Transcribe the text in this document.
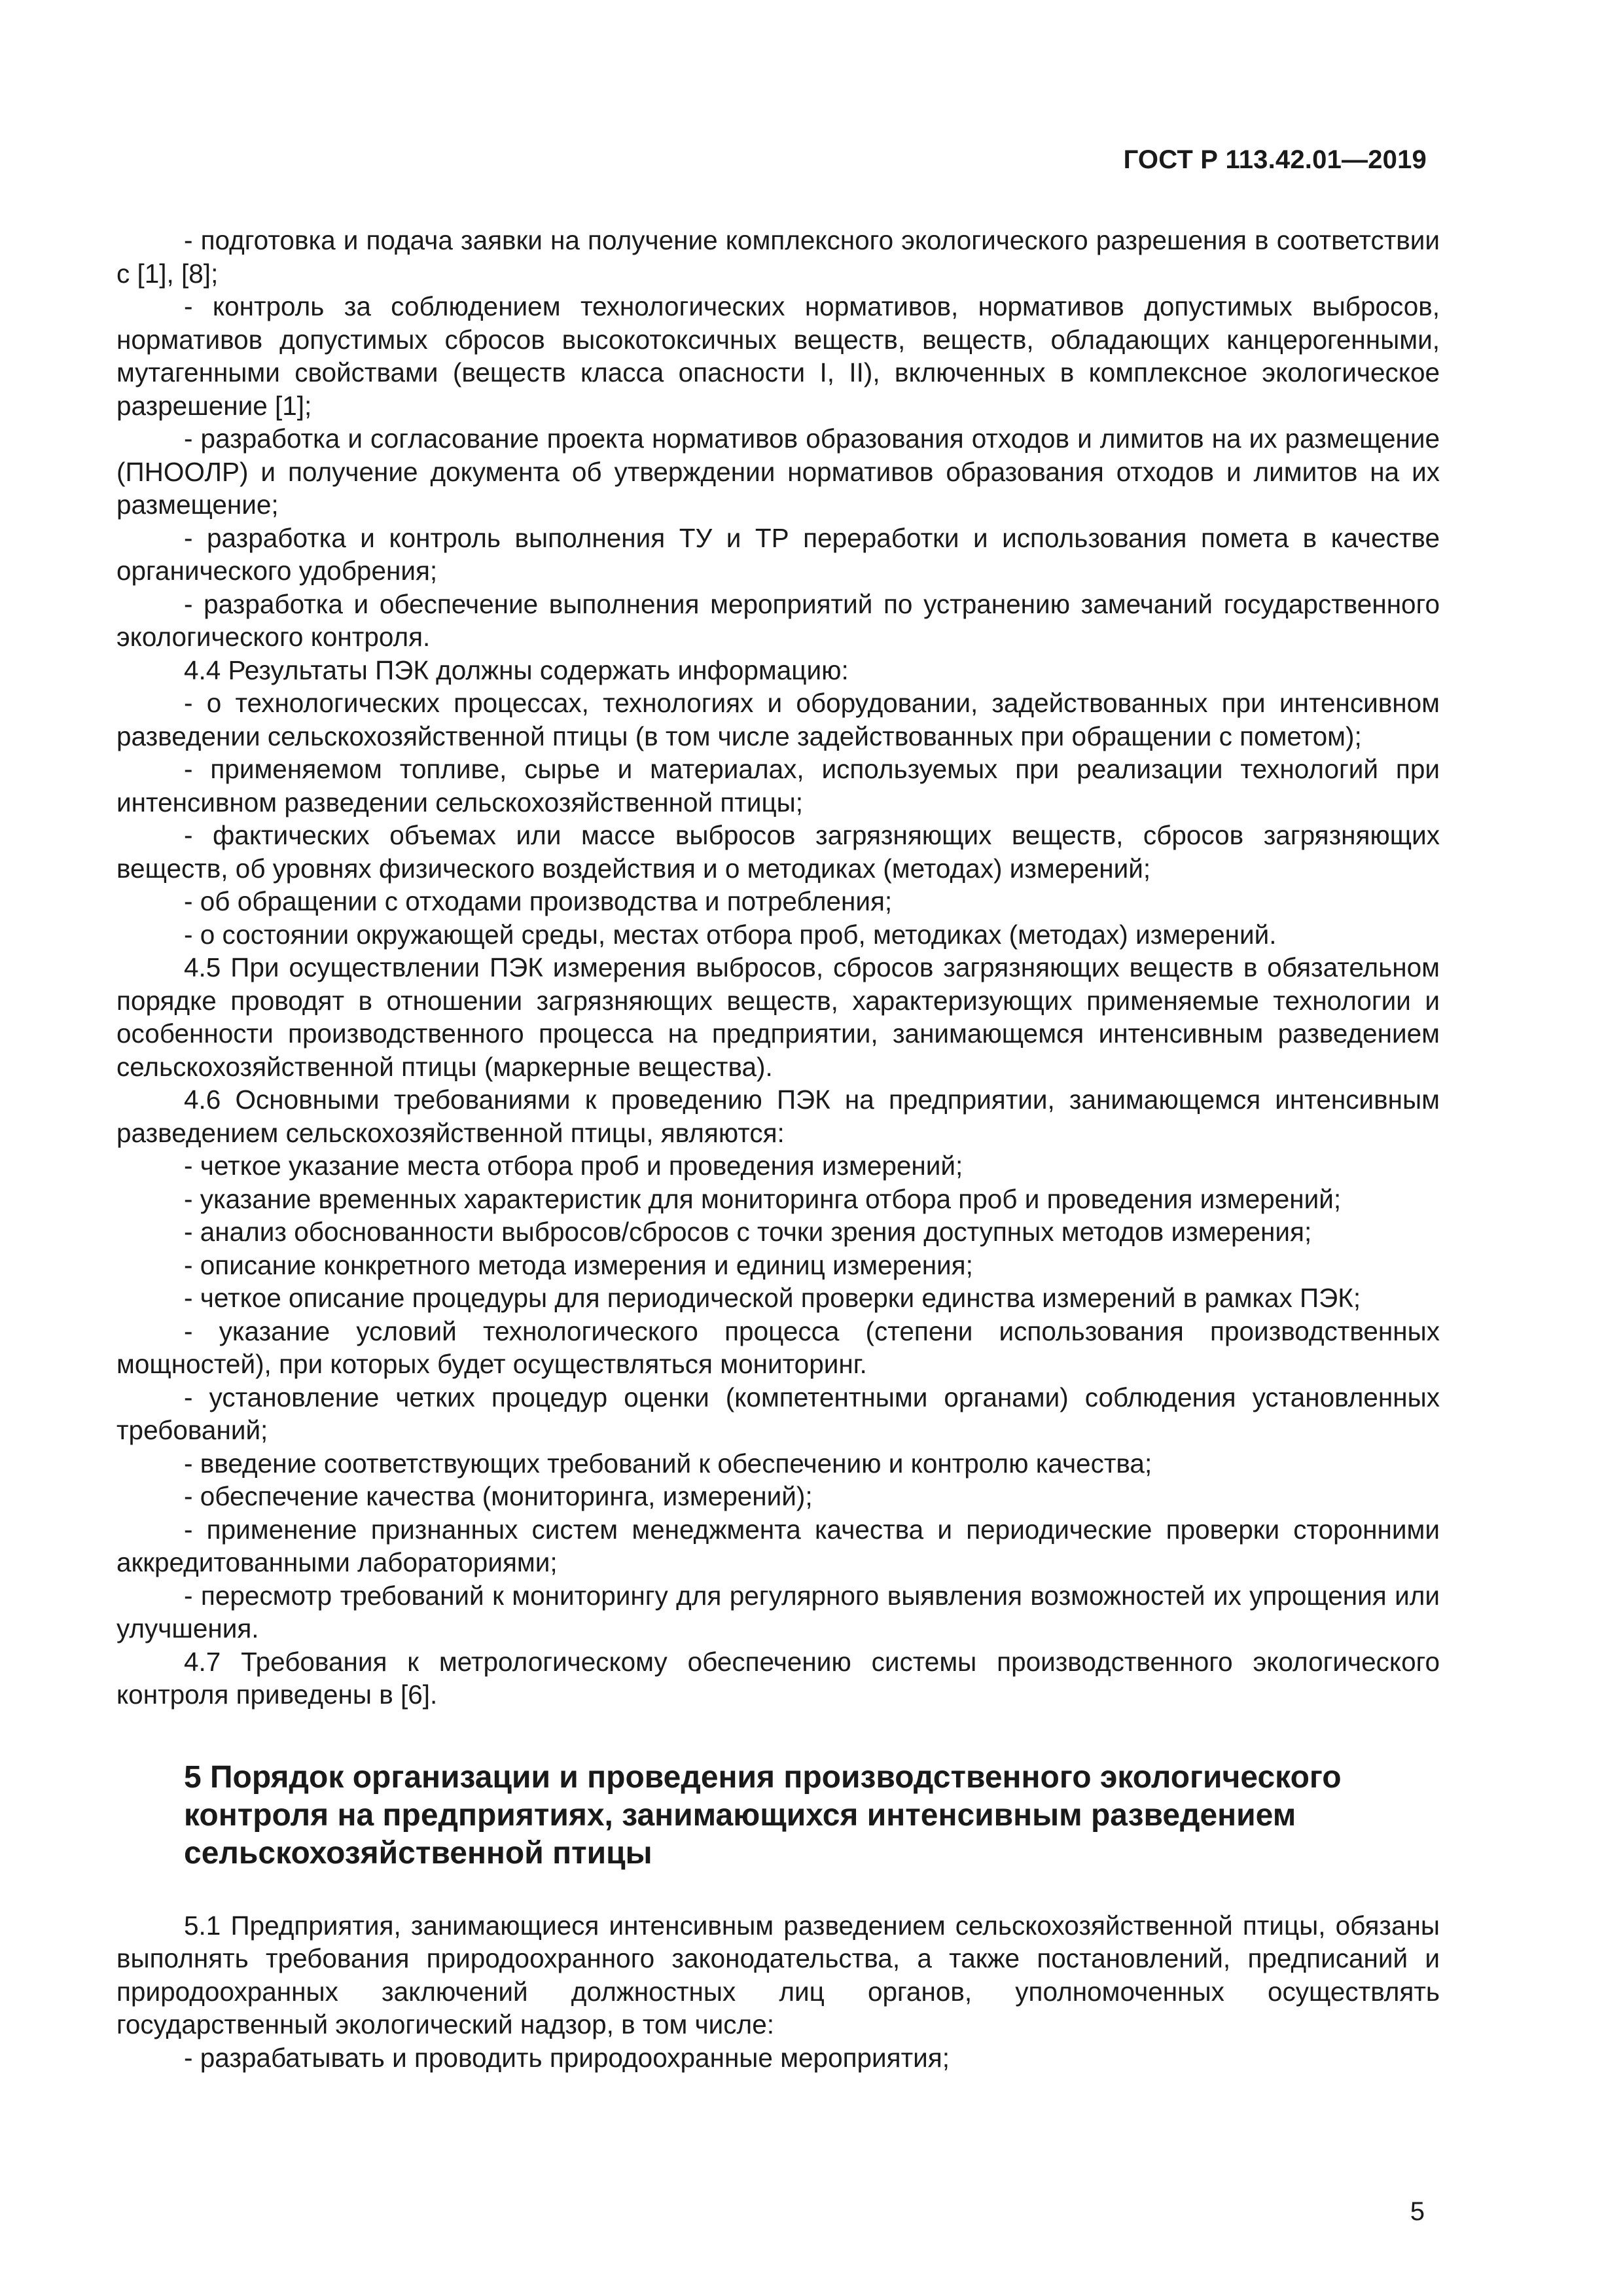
ГОСТ Р 113.42.01—2019

- подготовка и подача заявки на получение комплексного экологического разрешения в соответствии с [1], [8];

- контроль за соблюдением технологических нормативов, нормативов допустимых выбросов, нормативов допустимых сбросов высокотоксичных веществ, веществ, обладающих канцерогенными, мутагенными свойствами (веществ класса опасности I, II), включенных в комплексное экологическое разрешение [1];

- разработка и согласование проекта нормативов образования отходов и лимитов на их размещение (ПНООЛР) и получение документа об утверждении нормативов образования отходов и лимитов на их размещение;

- разработка и контроль выполнения ТУ и ТР переработки и использования помета в качестве органического удобрения;

- разработка и обеспечение выполнения мероприятий по устранению замечаний государственного экологического контроля.

4.4 Результаты ПЭК должны содержать информацию:

- о технологических процессах, технологиях и оборудовании, задействованных при интенсивном разведении сельскохозяйственной птицы (в том числе задействованных при обращении с пометом);

- применяемом топливе, сырье и материалах, используемых при реализации технологий при интенсивном разведении сельскохозяйственной птицы;

- фактических объемах или массе выбросов загрязняющих веществ, сбросов загрязняющих веществ, об уровнях физического воздействия и о методиках (методах) измерений;

- об обращении с отходами производства и потребления;

- о состоянии окружающей среды, местах отбора проб, методиках (методах) измерений.

4.5 При осуществлении ПЭК измерения выбросов, сбросов загрязняющих веществ в обязательном порядке проводят в отношении загрязняющих веществ, характеризующих применяемые технологии и особенности производственного процесса на предприятии, занимающемся интенсивным разведением сельскохозяйственной птицы (маркерные вещества).

4.6 Основными требованиями к проведению ПЭК на предприятии, занимающемся интенсивным разведением сельскохозяйственной птицы, являются:

- четкое указание места отбора проб и проведения измерений;

- указание временных характеристик для мониторинга отбора проб и проведения измерений;

- анализ обоснованности выбросов/сбросов с точки зрения доступных методов измерения;

- описание конкретного метода измерения и единиц измерения;

- четкое описание процедуры для периодической проверки единства измерений в рамках ПЭК;

- указание условий технологического процесса (степени использования производственных мощностей), при которых будет осуществляться мониторинг.

- установление четких процедур оценки (компетентными органами) соблюдения установленных требований;

- введение соответствующих требований к обеспечению и контролю качества;

- обеспечение качества (мониторинга, измерений);

- применение признанных систем менеджмента качества и периодические проверки сторонними аккредитованными лабораториями;

- пересмотр требований к мониторингу для регулярного выявления возможностей их упрощения или улучшения.

4.7 Требования к метрологическому обеспечению системы производственного экологического контроля приведены в [6].

5 Порядок организации и проведения производственного экологического контроля на предприятиях, занимающихся интенсивным разведением сельскохозяйственной птицы

5.1 Предприятия, занимающиеся интенсивным разведением сельскохозяйственной птицы, обязаны выполнять требования природоохранного законодательства, а также постановлений, предписаний и природоохранных заключений должностных лиц органов, уполномоченных осуществлять государственный экологический надзор, в том числе:

- разрабатывать и проводить природоохранные мероприятия;

5
